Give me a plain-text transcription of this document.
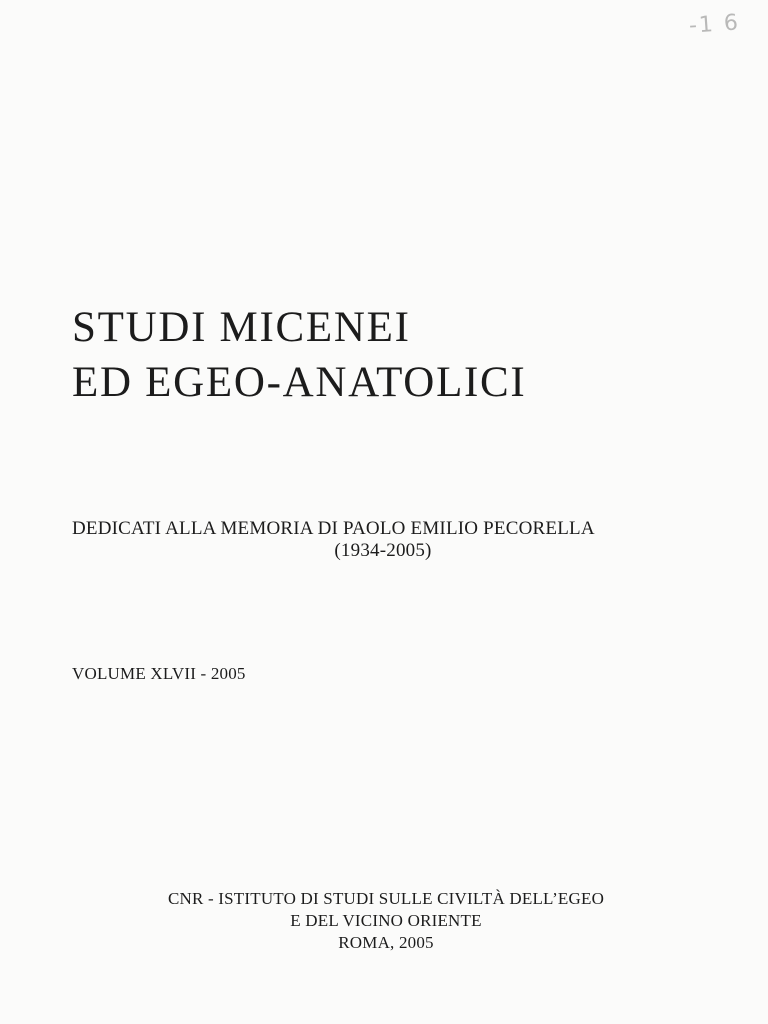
-1 6
STUDI MICENEI
ED EGEO-ANATOLICI
DEDICATI ALLA MEMORIA DI PAOLO EMILIO PECORELLA
(1934-2005)
VOLUME XLVII - 2005
CNR - ISTITUTO DI STUDI SULLE CIVILTÀ DELL’EGEO
E DEL VICINO ORIENTE
ROMA, 2005
